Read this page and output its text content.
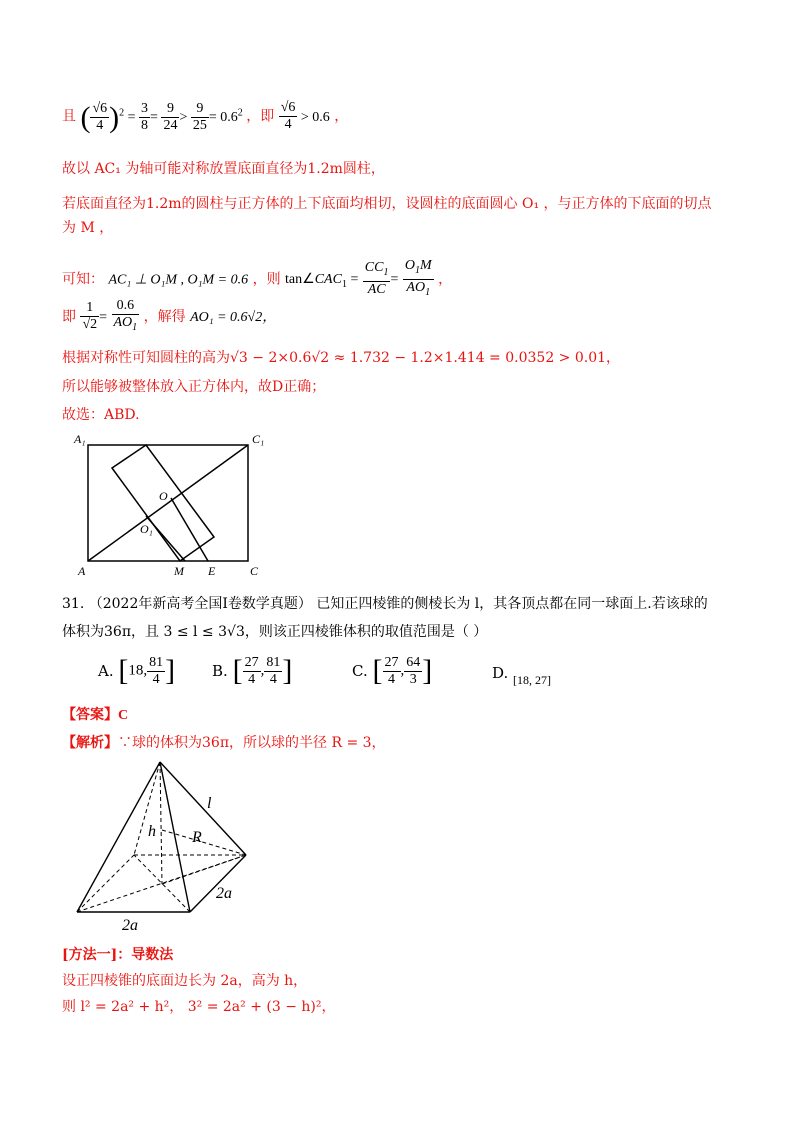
且 ( $\frac{√6}{4} )^2 = \frac{3}{8} = \frac{9}{24} > \frac{9}{25} = 0.6^2$ ，即 $\frac{√6}{4} > 0.6$ ，
故以 AC₁ 为轴可能对称放置底面直径为1.2m圆柱，
若底面直径为1.2m的圆柱与正方体的上下底面均相切，设圆柱的底面圆心 O₁ ，与正方体的下底面的切点
为 M ，
可知： AC₁ ⊥ O₁M , O₁M = 0.6 ，则 $\tan\angle CAC_1 = \frac{CC_1}{AC} = \frac{O_1M}{AO_1}$ ，
即 $\frac{1}{√2} = \frac{0.6}{AO_1}$ ，解得 AO₁ = 0.6√2，
根据对称性可知圆柱的高为√3 − 2×0.6√2 ≈ 1.732 − 1.2×1.414 = 0.0352 > 0.01，
所以能够被整体放入正方体内，故D正确；
故选：ABD.
A₁	C₁
O
O₁
A	M E	C
31. （2022年新高考全国Ⅰ卷数学真题） 已知正四棱锥的侧棱长为 l，其各顶点都在同一球面上.若该球的
体积为36π，且 3 ≤ l ≤ 3√3，则该正四棱锥体积的取值范围是（ ）
A. [18, $\frac{81}{4}$ ] B. [ $\frac{27}{4}$ , $\frac{81}{4}$ ]	C. [ $\frac{27}{4}$ , $\frac{64}{3}$ ]	D. $_{[18, 27]}$
【答案】C
【解析】∵球的体积为36π，所以球的半径 R = 3，
l
h R
2a
2a
[方法一]：导数法
设正四棱锥的底面边长为 2a，高为 h，
则 l² = 2a² + h²， 3² = 2a² + (3 − h)²，
